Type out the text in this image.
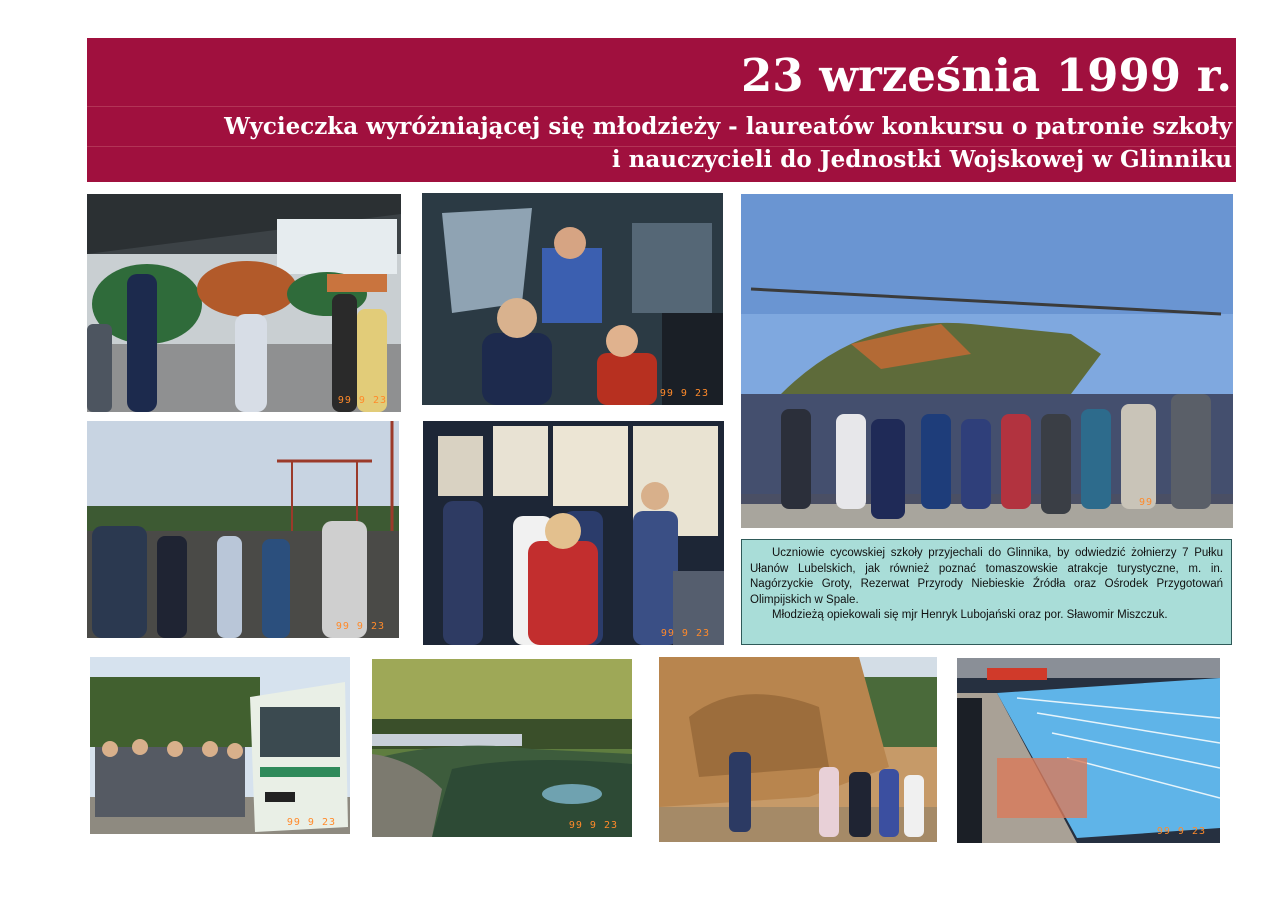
23 września 1999 r.
Wycieczka wyróżniającej się młodzieży - laureatów konkursu o patronie szkoły
i nauczycieli do Jednostki Wojskowej w Glinniku
99 9 23
99 9 23
99
99 9 23
99 9 23

Uczniowie cycowskiej szkoły przyjechali do Glinnika, by odwiedzić żołnierzy 7 Pułku Ułanów Lubelskich, jak również poznać tomaszowskie atrakcje turystyczne, m. in. Nagórzyckie Groty, Rezerwat Przyrody Niebieskie Źródła oraz Ośrodek Przygotowań Olimpijskich w Spale.

Młodzieżą opiekowali się mjr Henryk Lubojański oraz por. Sławomir Miszczuk.

99 9 23	99 9 23
99 9 23
